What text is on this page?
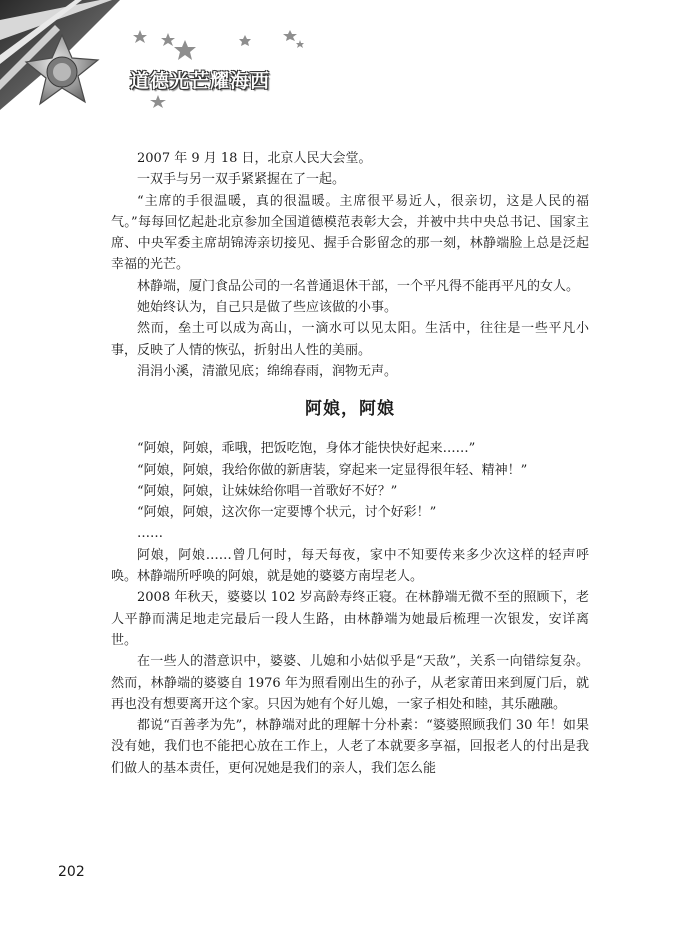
道德光芒耀海西

2007 年 9 月 18 日，北京人民大会堂。

一双手与另一双手紧紧握在了一起。

“主席的手很温暖，真的很温暖。主席很平易近人，很亲切，这是人民的福气。”每每回忆起赴北京参加全国道德模范表彰大会，并被中共中央总书记、国家主席、中央军委主席胡锦涛亲切接见、握手合影留念的那一刻，林静端脸上总是泛起幸福的光芒。

林静端，厦门食品公司的一名普通退休干部，一个平凡得不能再平凡的女人。

她始终认为，自己只是做了些应该做的小事。

然而，垒土可以成为高山，一滴水可以见太阳。生活中，往往是一些平凡小事，反映了人情的恢弘，折射出人性的美丽。

涓涓小溪，清澈见底；绵绵春雨，润物无声。

阿娘，阿娘

“阿娘，阿娘，乖哦，把饭吃饱，身体才能快快好起来……”

“阿娘，阿娘，我给你做的新唐装，穿起来一定显得很年轻、精神！”

“阿娘，阿娘，让妹妹给你唱一首歌好不好？”

“阿娘，阿娘，这次你一定要博个状元，讨个好彩！”

……

阿娘，阿娘……曾几何时，每天每夜，家中不知要传来多少次这样的轻声呼唤。林静端所呼唤的阿娘，就是她的婆婆方南埕老人。

2008 年秋天，婆婆以 102 岁高龄寿终正寝。在林静端无微不至的照顾下，老人平静而满足地走完最后一段人生路，由林静端为她最后梳理一次银发，安详离世。

在一些人的潜意识中，婆婆、儿媳和小姑似乎是“天敌”，关系一向错综复杂。然而，林静端的婆婆自 1976 年为照看刚出生的孙子，从老家莆田来到厦门后，就再也没有想要离开这个家。只因为她有个好儿媳，一家子相处和睦，其乐融融。

都说“百善孝为先”，林静端对此的理解十分朴素：“婆婆照顾我们 30 年！如果没有她，我们也不能把心放在工作上，人老了本就要多享福，回报老人的付出是我们做人的基本责任，更何况她是我们的亲人，我们怎么能

202
